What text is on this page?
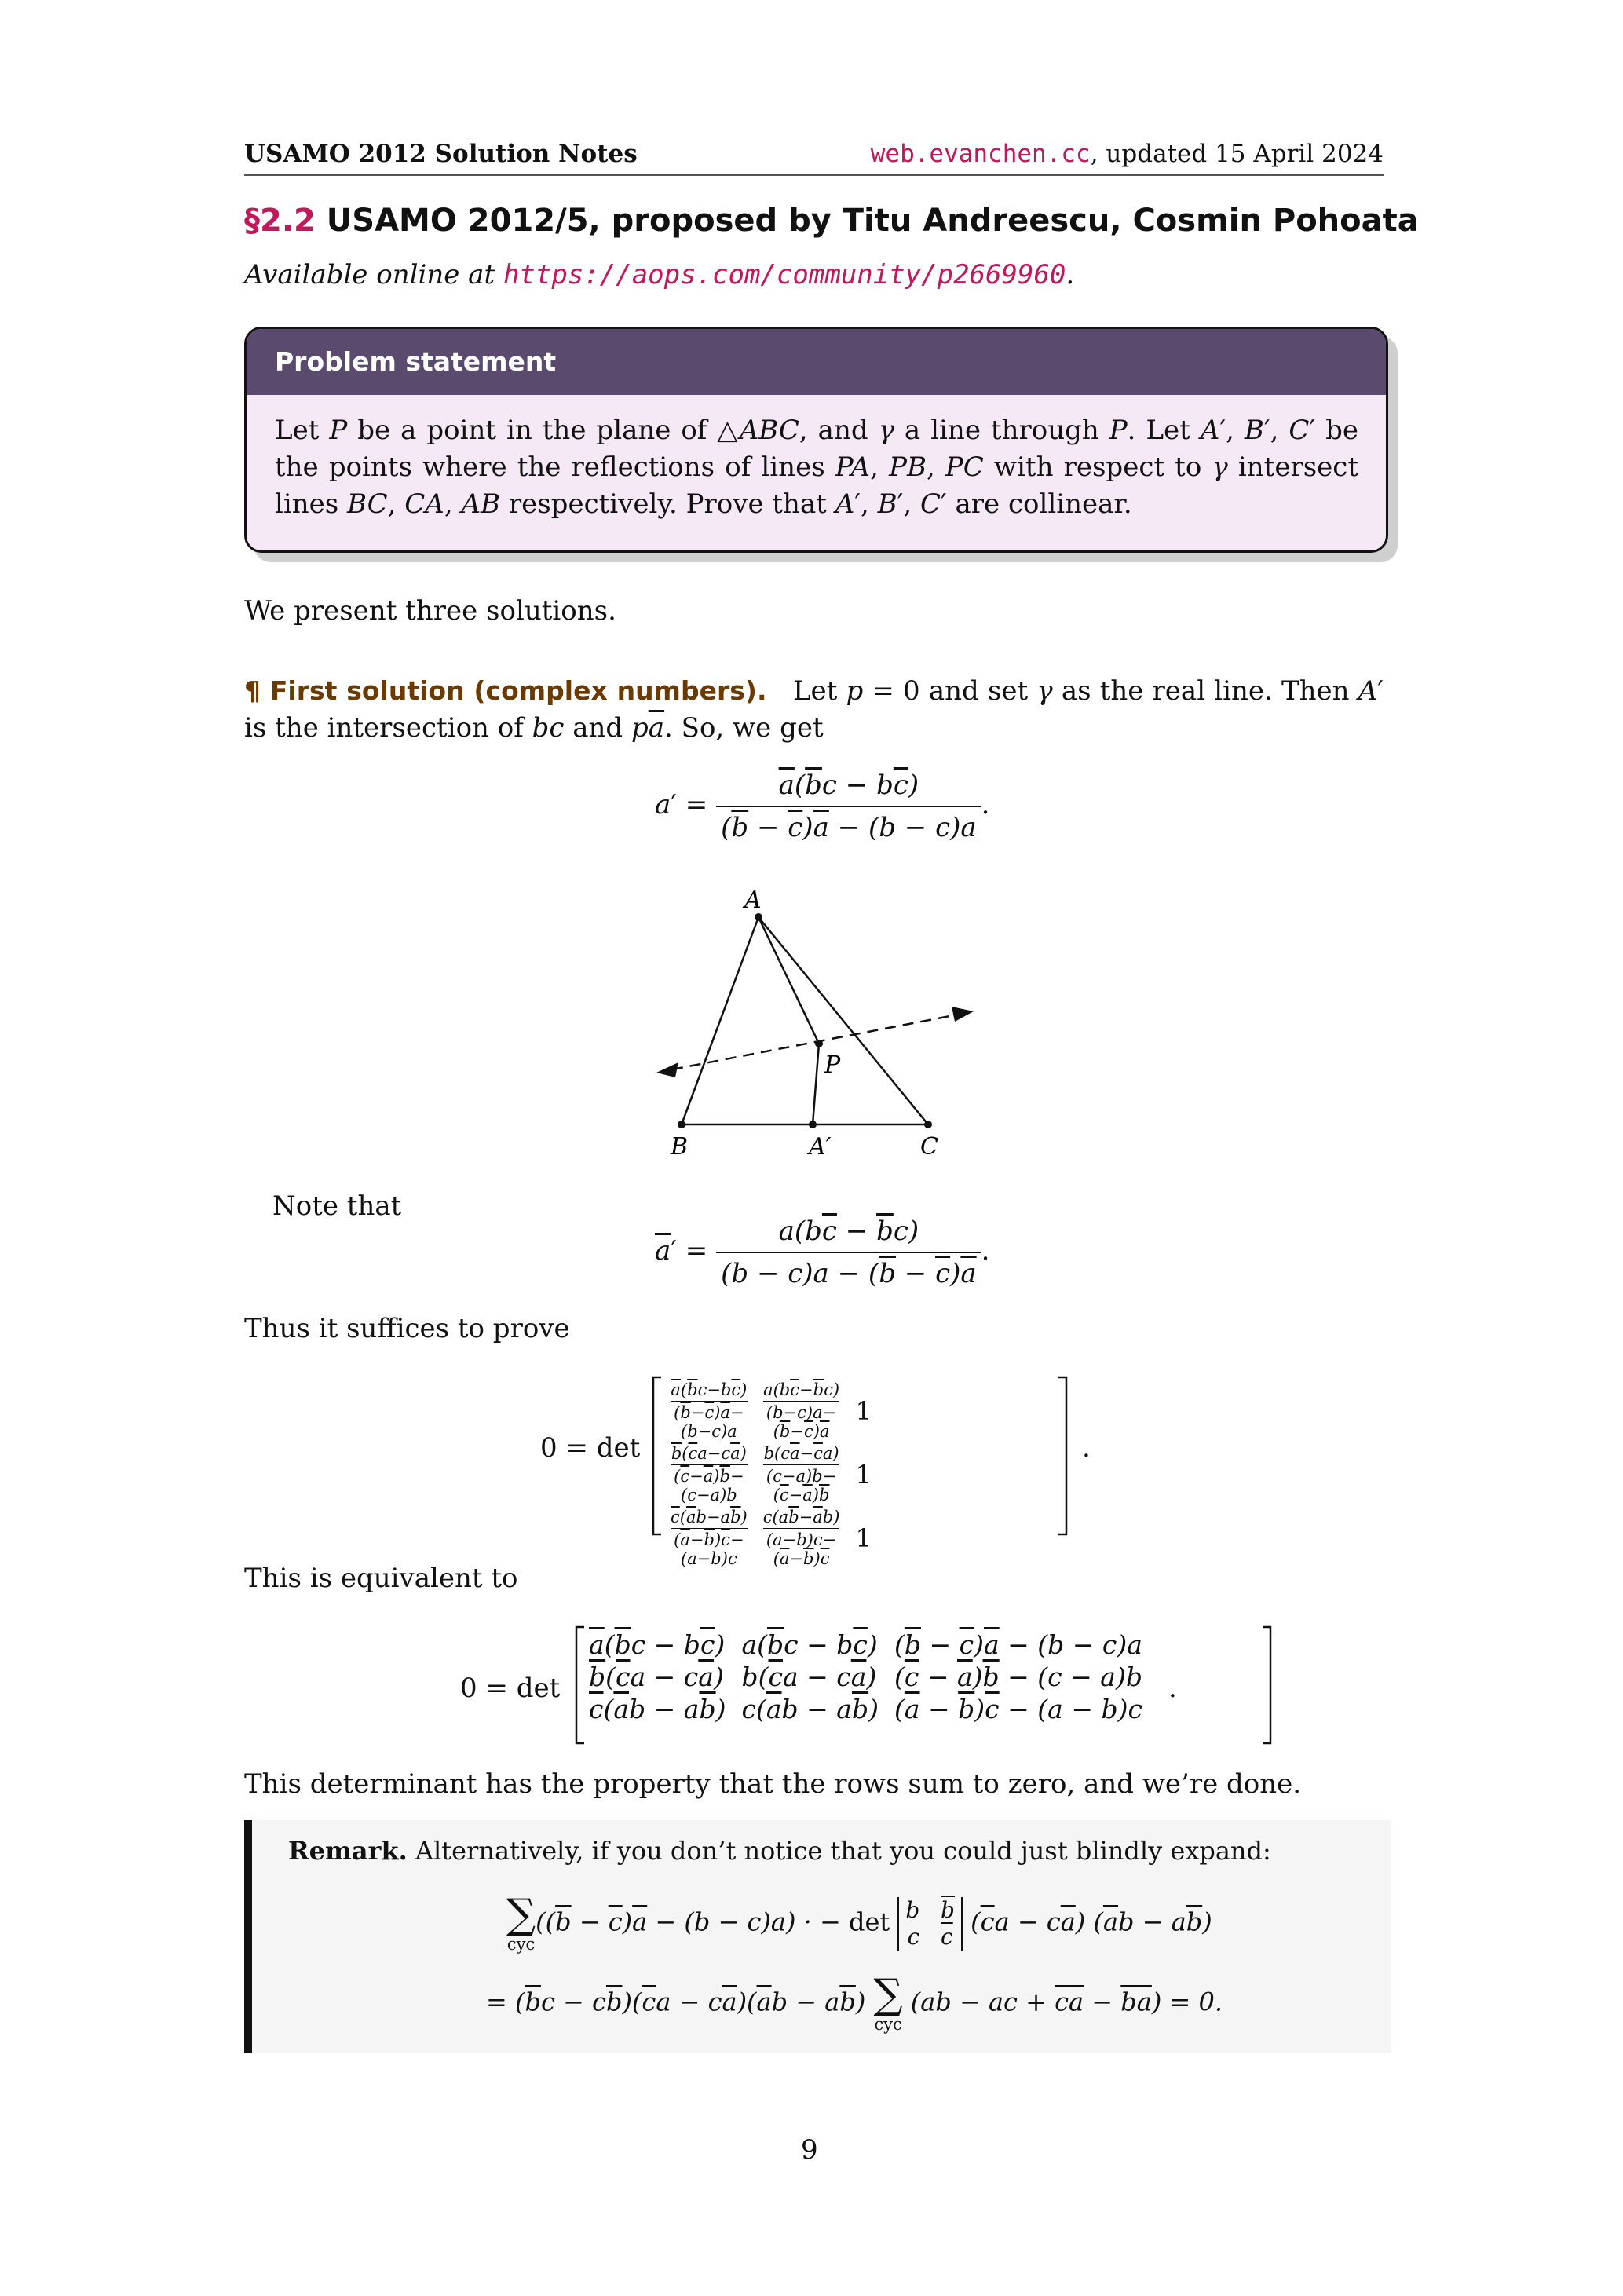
USAMO 2012 Solution Notes	web.evanchen.cc, updated 15 April 2024
§2.2 USAMO 2012/5, proposed by Titu Andreescu, Cosmin Pohoata
Available online at https://aops.com/community/p2669960.
Problem statement
Let P be a point in the plane of △ABC, and γ a line through P. Let A′, B′, C′ be the points where the reflections of lines PA, PB, PC with respect to γ intersect lines BC, CA, AB respectively. Prove that A′, B′, C′ are collinear.
We present three solutions.
¶ First solution (complex numbers).   Let p = 0 and set γ as the real line. Then A′ is the intersection of bc and $p\overline{a}$. So, we get
$a' = \frac{\overline{a}(\overline{b}c - b\overline{c})}{(\overline{b} - \overline{c})\overline{a} - (b - c)a}$ .
A
B	C
P
A′
Note that
$\overline{a}' = \frac{a(b\overline{c} - \overline{b}c)}{(b - c)a - (\overline{b} - \overline{c})\overline{a}}$ .
Thus it suffices to prove
0 = det
$\frac{\overline{a}(\overline{b}c-b\overline{c})}{(\overline{b}-\overline{c})\overline{a}-(b-c)a}$	$\frac{a(b\overline{c}-\overline{b}c)}{(b-c)a-(\overline{b}-\overline{c})\overline{a}}$	1

$\frac{\overline{b}(\overline{c}a-c\overline{a})}{(\overline{c}-\overline{a})\overline{b}-(c-a)b}$	$\frac{b(c\overline{a}-\overline{c}a)}{(c-a)b-(\overline{c}-\overline{a})\overline{b}}$	1

$\frac{\overline{c}(\overline{a}b-a\overline{b})}{(\overline{a}-\overline{b})\overline{c}-(a-b)c}$	$\frac{c(a\overline{b}-\overline{a}b)}{(a-b)c-(\overline{a}-\overline{b})\overline{c}}$	1
.
This is equivalent to
0 = det
$\overline{a}(\overline{b}c - b\overline{c})$	$a(\overline{b}c - b\overline{c})$	$(\overline{b} - \overline{c})\overline{a} - (b - c)a$
$\overline{b}(\overline{c}a - c\overline{a})$	$b(\overline{c}a - c\overline{a})$	$(\overline{c} - \overline{a})\overline{b} - (c - a)b$
$\overline{c}(\overline{a}b - a\overline{b})$	$c(\overline{a}b - a\overline{b})$	$(\overline{a} - \overline{b})\overline{c} - (a - b)c$
.
This determinant has the property that the rows sum to zero, and we’re done.
Remark. Alternatively, if you don’t notice that you could just blindly expand:
∑
cyc
$((\overline{b} - \overline{c})\overline{a} - (b - c)a)$ · − det b   $\overline{b}$
c   $\overline{c}$ $(\overline{c}a - c\overline{a}) (\overline{a}b - a\overline{b})$
= $(\overline{b}c - c\overline{b})(\overline{c}a - c\overline{a})(\overline{a}b - a\overline{b})$ ∑
cyc
(ab − ac + $\overline{ca} - \overline{ba}) = 0$.
9
